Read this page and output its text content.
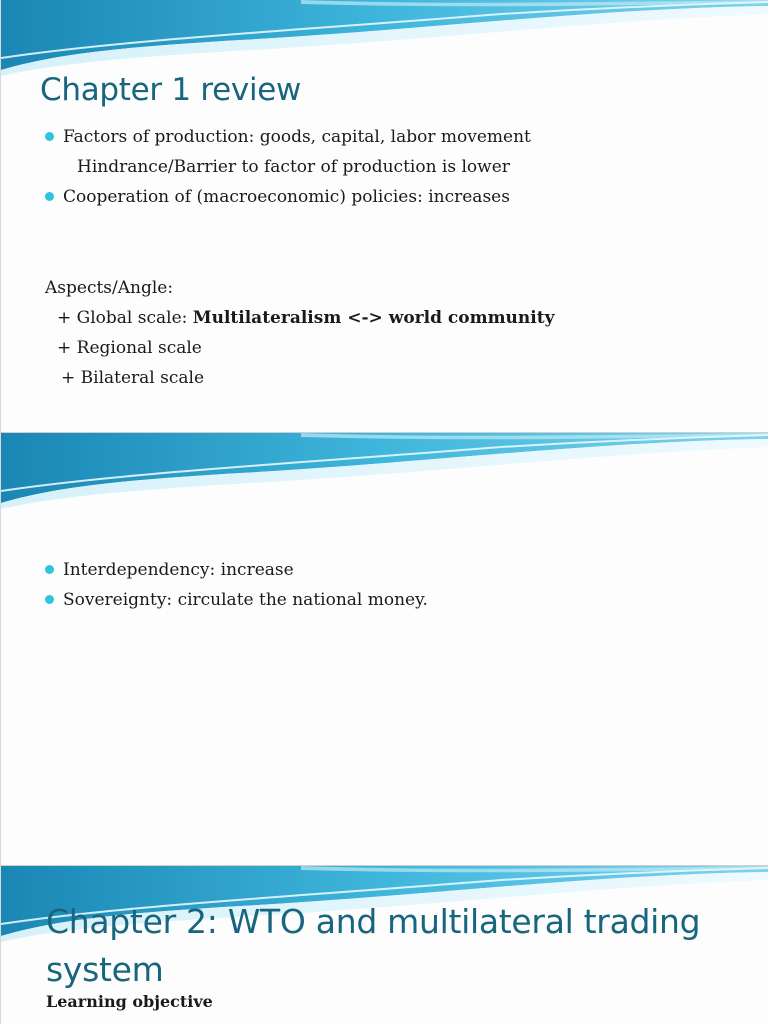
Chapter 1 review
Factors of production: goods, capital, labor movement
Hindrance/Barrier to factor of production is lower
Cooperation of (macroeconomic) policies: increases
Aspects/Angle:
+ Global scale: Multilateralism <-> world community
+ Regional scale
+ Bilateral scale
Interdependency: increase
Sovereignty: circulate the national money.
Chapter 2: WTO and multilateral trading system
Learning objective
